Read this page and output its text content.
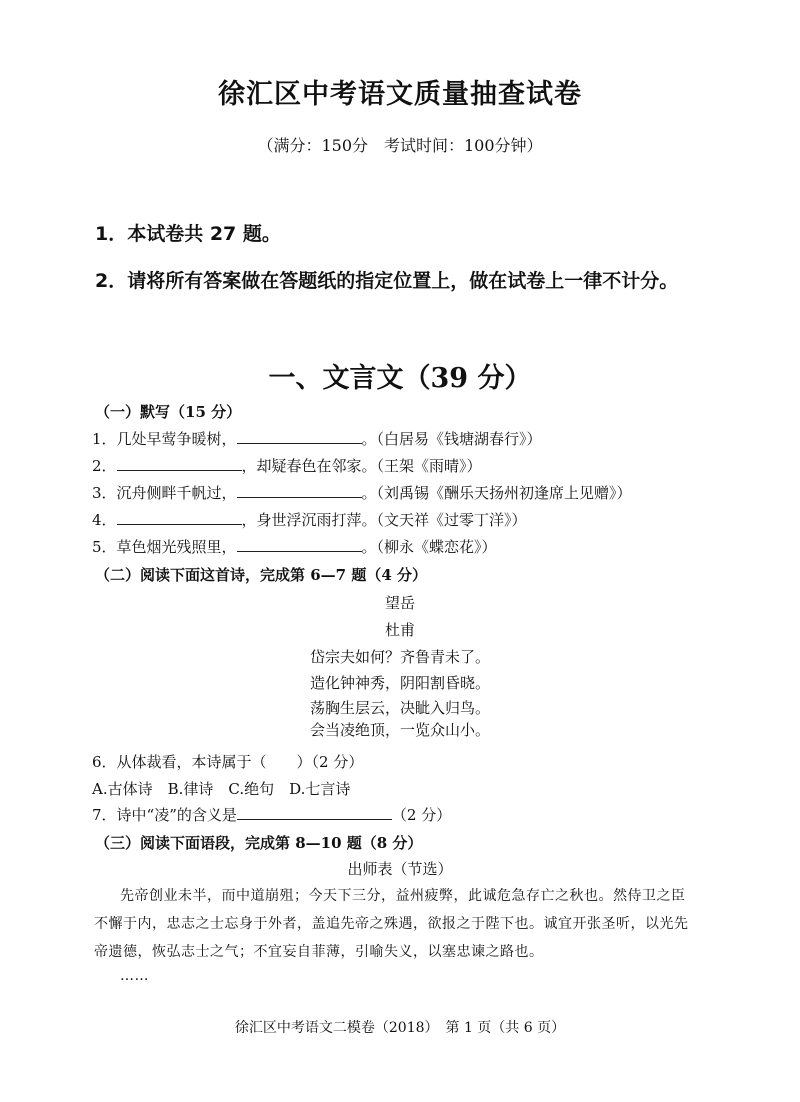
徐汇区中考语文质量抽查试卷
（满分：150分　考试时间：100分钟）
1．本试卷共 27 题。
2．请将所有答案做在答题纸的指定位置上，做在试卷上一律不计分。
一、文言文（39 分）
（一）默写（15 分）
1．几处早莺争暖树，	。（白居易《钱塘湖春行》）
2．	，却疑春色在邻家。（王架《雨晴》）
3．沉舟侧畔千帆过，	。（刘禹锡《酬乐天扬州初逢席上见赠》）
4．	，身世浮沉雨打萍。（文天祥《过零丁洋》）
5．草色烟光残照里，	。（柳永《蝶恋花》）
（二）阅读下面这首诗，完成第 6—7 题（4 分）
望岳
杜甫
岱宗夫如何？齐鲁青未了。
造化钟神秀，阴阳割昏晓。
荡胸生层云，决眦入归鸟。
会当凌绝顶，一览众山小。
6．从体裁看，本诗属于（　　）（2 分）
A.古体诗　B.律诗　C.绝句　D.七言诗
7．诗中“凌”的含义是	（2 分）
（三）阅读下面语段，完成第 8—10 题（8 分）
出师表（节选）
先帝创业未半，而中道崩殂；今天下三分，益州疲弊，此诚危急存亡之秋也。然侍卫之臣
不懈于内，忠志之士忘身于外者，盖追先帝之殊遇，欲报之于陛下也。诚宜开张圣听，以光先
帝遗德，恢弘志士之气；不宜妄自菲薄，引喻失义，以塞忠谏之路也。
……
徐汇区中考语文二模卷（2018）　第 1 页（共 6 页）
